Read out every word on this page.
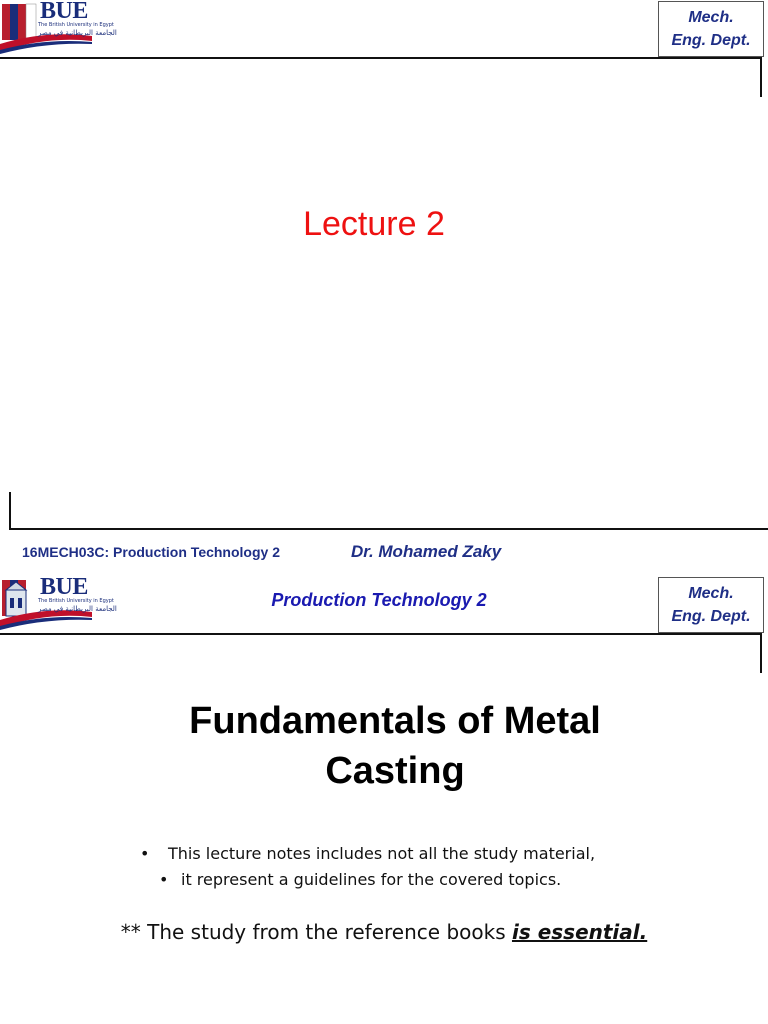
BUE
The British University in Egypt
الجامعة البريطانية في مصر
Mech.
Eng. Dept.
Lecture 2
16MECH03C: Production Technology 2	Dr. Mohamed Zaky
BUE
The British University in Egypt
الجامعة البريطانية في مصر	Production Technology 2	Mech.
Eng. Dept.
Fundamentals of Metal
Casting
• This lecture notes includes not all the study material,
• it represent a guidelines for the covered topics.
** The study from the reference books is essential.
